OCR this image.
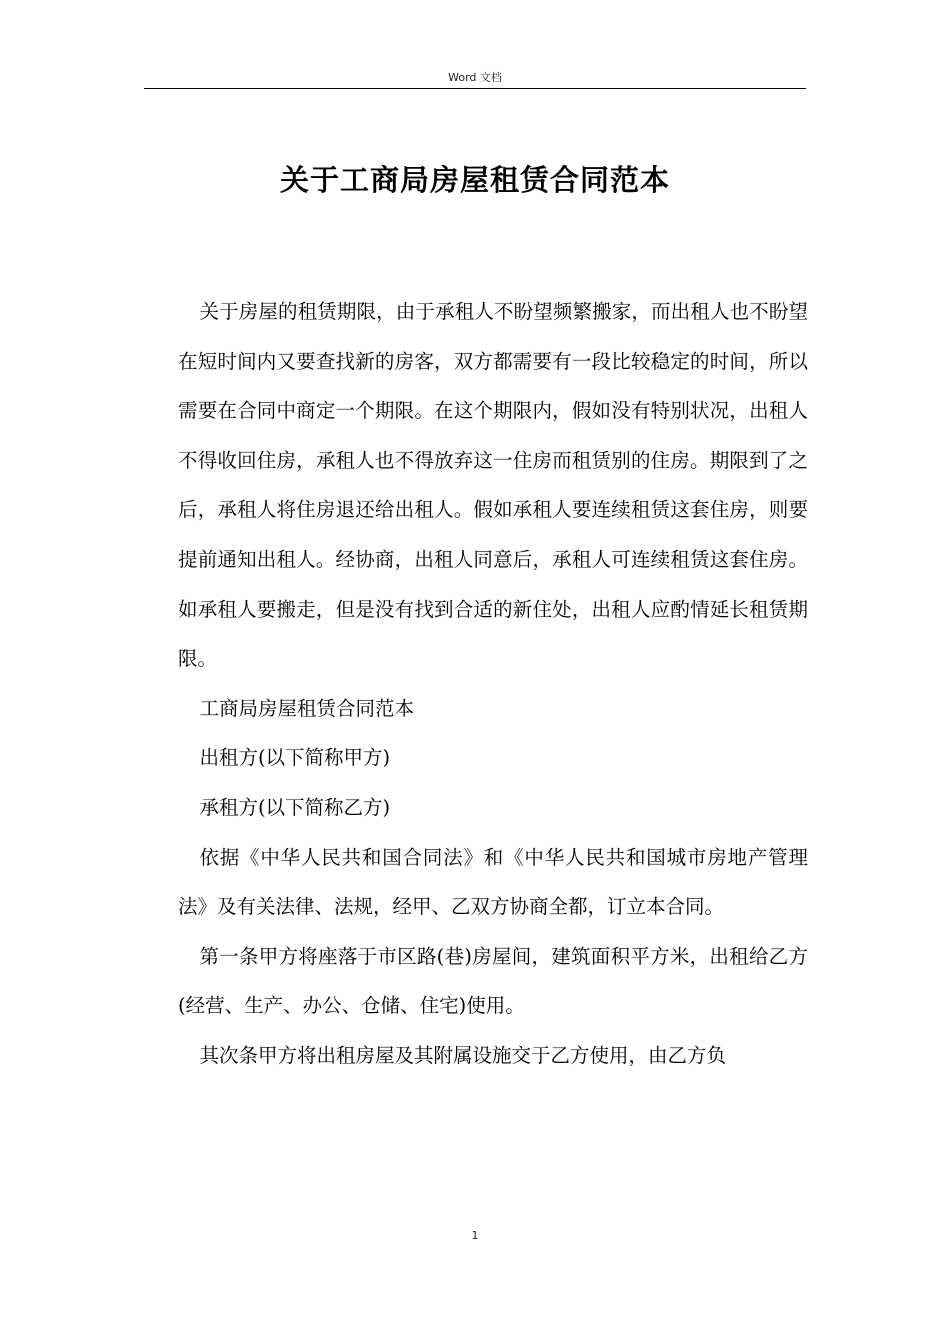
Word 文档
关于工商局房屋租赁合同范本

关于房屋的租赁期限，由于承租人不盼望频繁搬家，而出租人也不盼望在短时间内又要查找新的房客，双方都需要有一段比较稳定的时间，所以需要在合同中商定一个期限。在这个期限内，假如没有特别状况，出租人不得收回住房，承租人也不得放弃这一住房而租赁别的住房。期限到了之后，承租人将住房退还给出租人。假如承租人要连续租赁这套住房，则要提前通知出租人。经协商，出租人同意后，承租人可连续租赁这套住房。如承租人要搬走，但是没有找到合适的新住处，出租人应酌情延长租赁期限。

工商局房屋租赁合同范本

出租方(以下简称甲方)

承租方(以下简称乙方)

依据《中华人民共和国合同法》和《中华人民共和国城市房地产管理法》及有关法律、法规，经甲、乙双方协商全都，订立本合同。

第一条甲方将座落于市区路(巷)房屋间，建筑面积平方米，出租给乙方(经营、生产、办公、仓储、住宅)使用。

其次条甲方将出租房屋及其附属设施交于乙方使用，由乙方负

1
